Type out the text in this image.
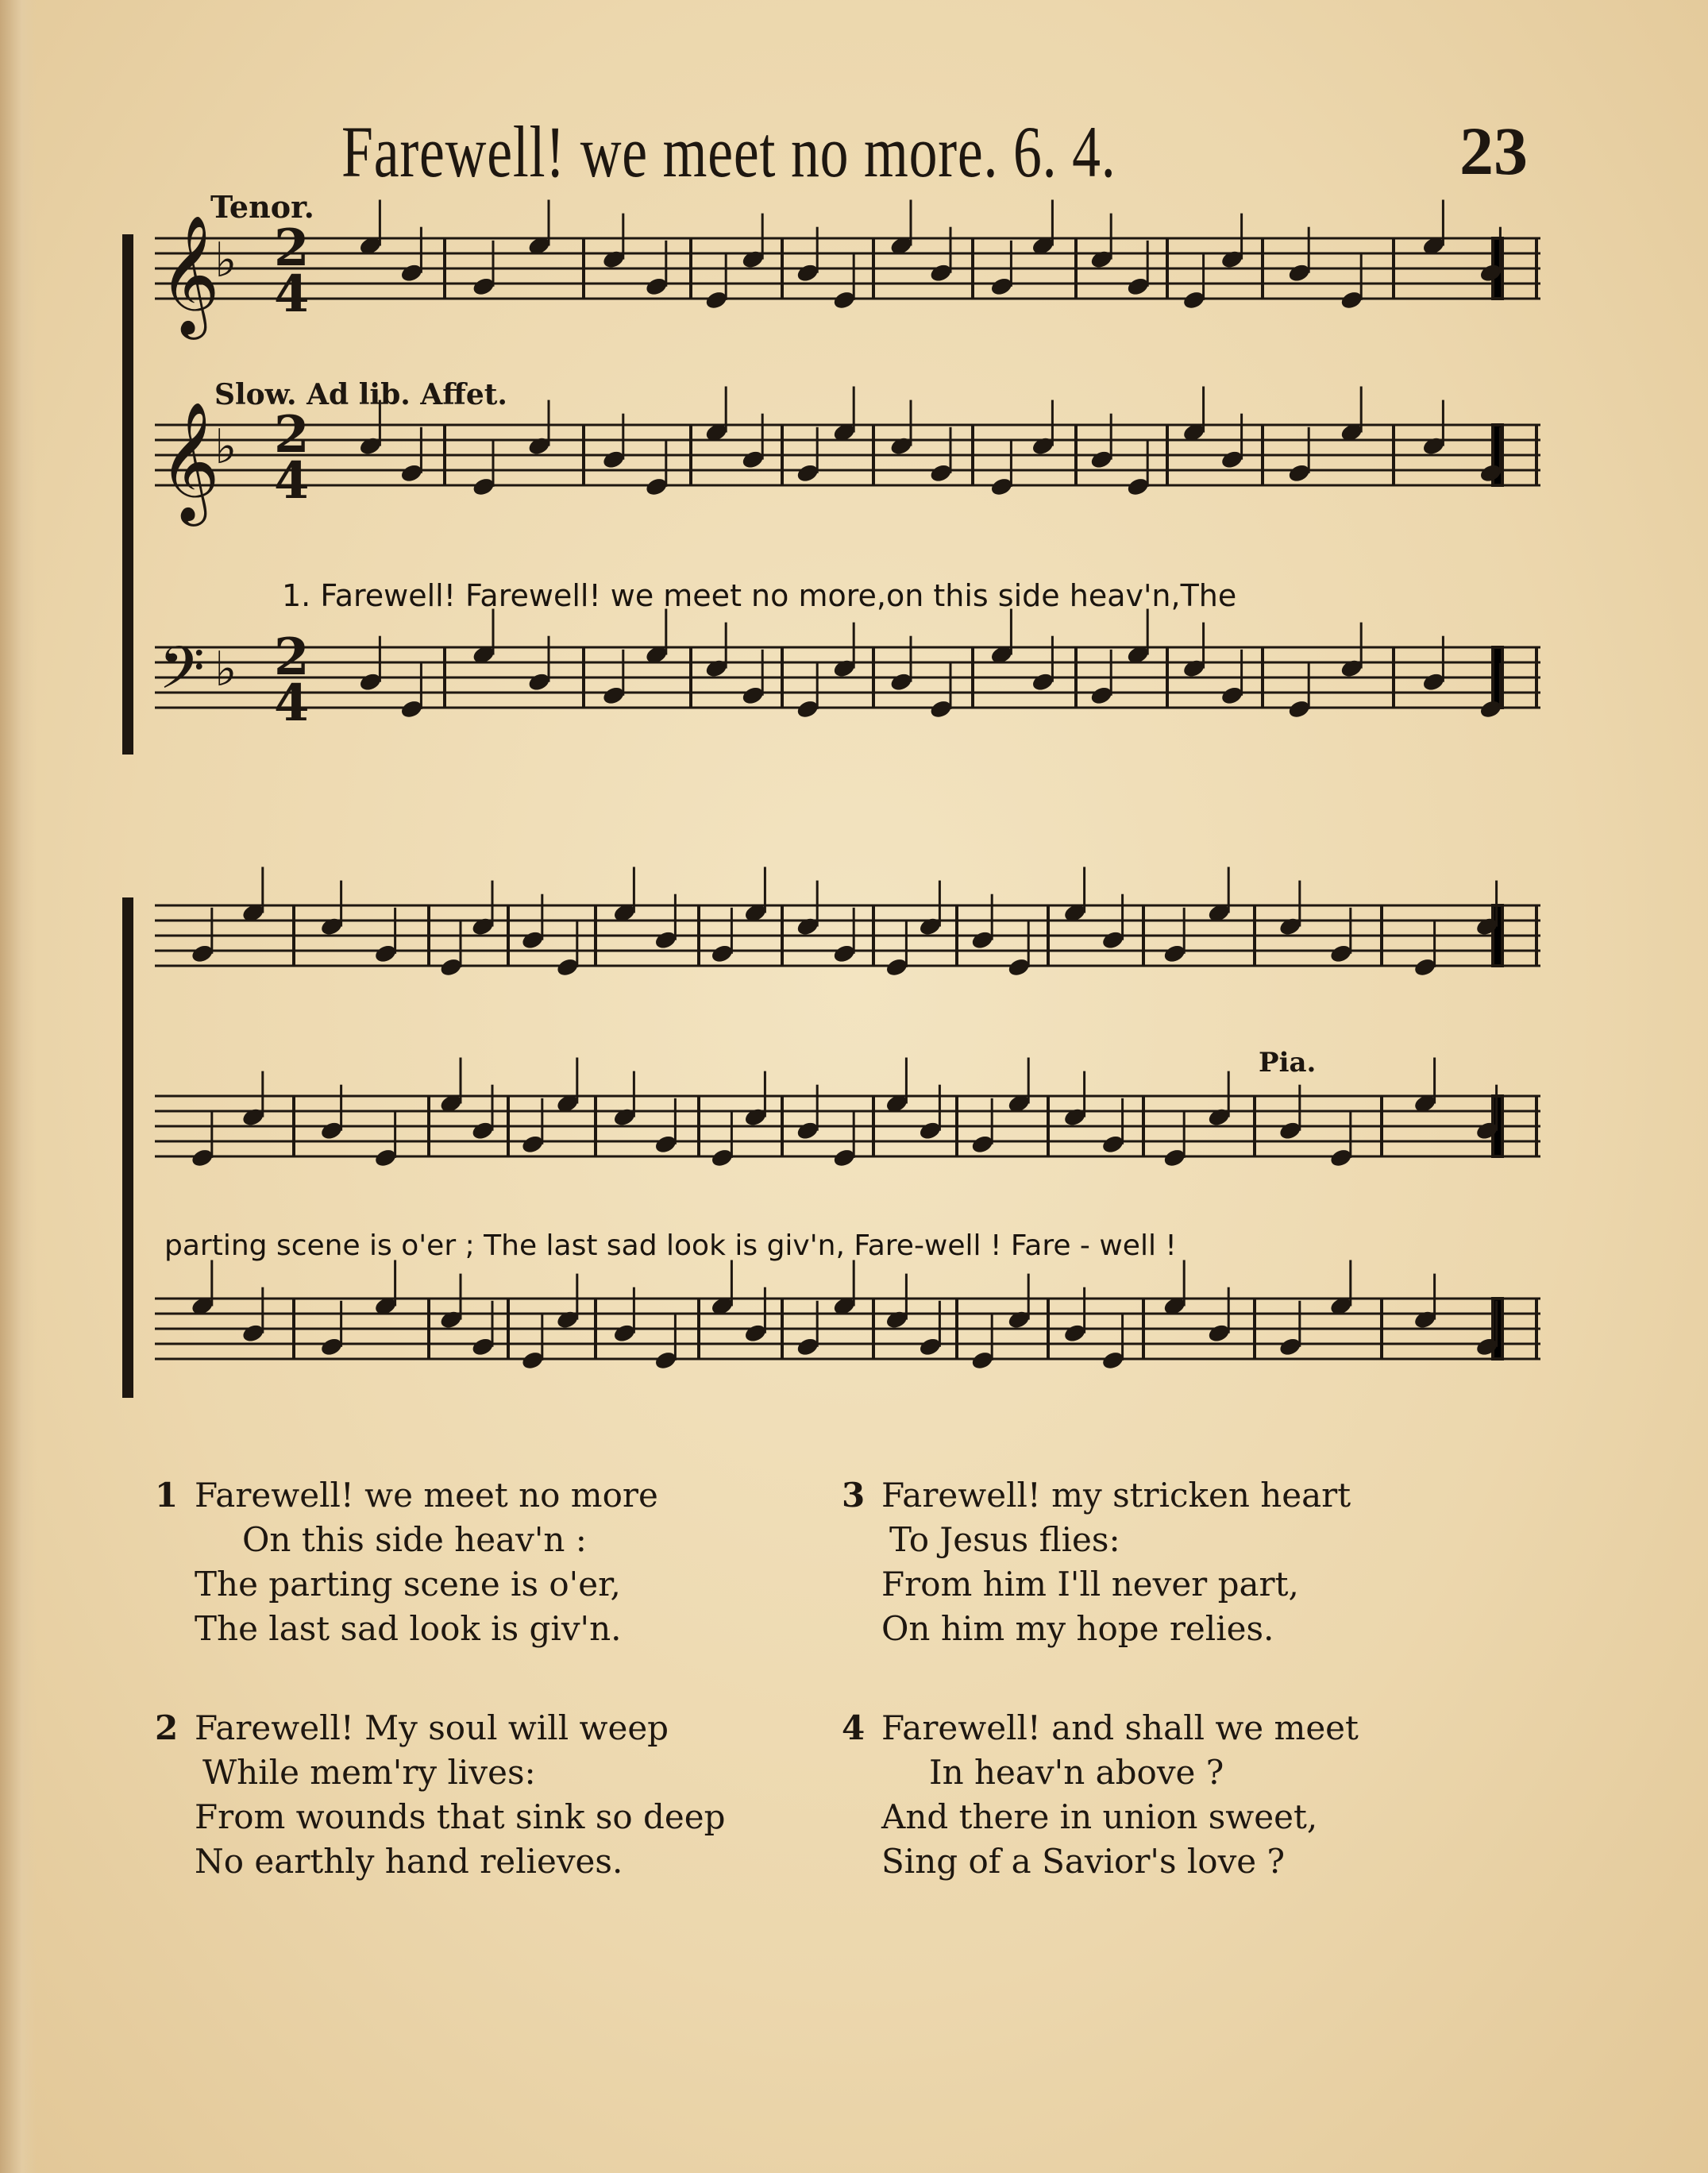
Farewell! we meet no more. 6. 4.	23
Tenor.
Slow. Ad lib. Affet.
Pia.
𝄞
♭ 2
4
𝄞
♭ 2
4
𝄢 ♭ 2
4
1. Farewell! Farewell! we meet no more,on this side heav'n,The
parting scene is o'er ; The last sad look is giv'n, Fare-well ! Fare - well !
1 Farewell! we meet no more
On this side heav'n :
The parting scene is o'er,
The last sad look is giv'n.
2 Farewell! My soul will weep
While mem'ry lives:
From wounds that sink so deep
No earthly hand relieves.
3 Farewell! my stricken heart
To Jesus flies:
From him I'll never part,
On him my hope relies.
4 Farewell! and shall we meet
In heav'n above ?
And there in union sweet,
Sing of a Savior's love ?
